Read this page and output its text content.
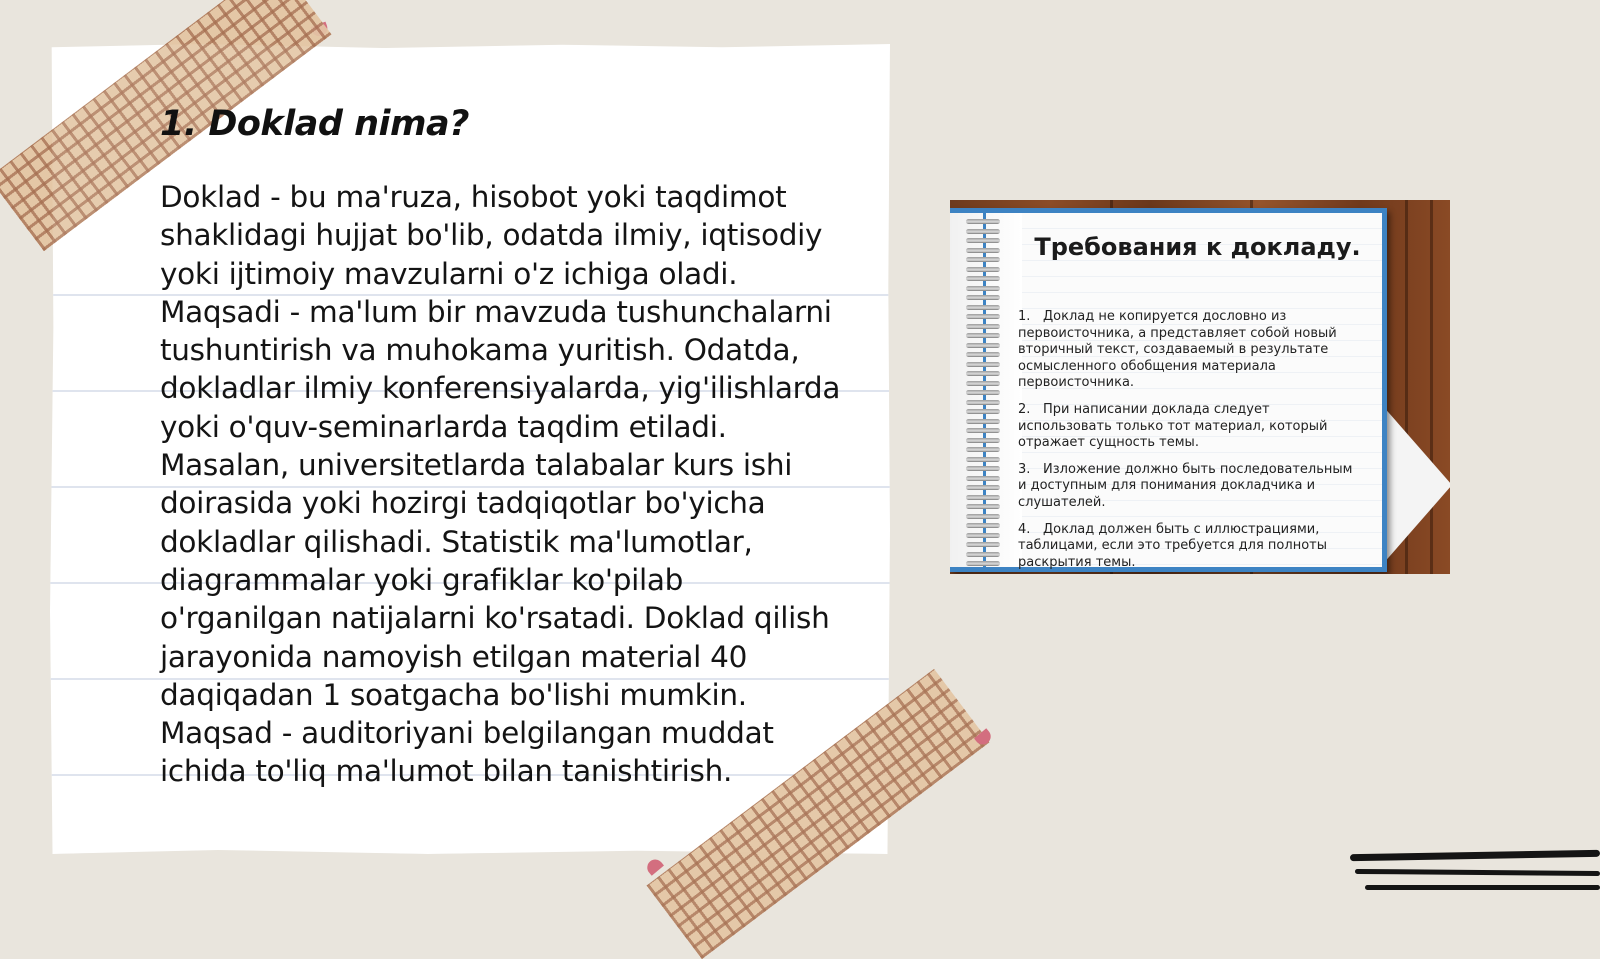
1. Doklad nima?

Doklad - bu ma'ruza, hisobot yoki taqdimot shaklidagi hujjat bo'lib, odatda ilmiy, iqtisodiy yoki ijtimoiy mavzularni o'z ichiga oladi. Maqsadi - ma'lum bir mavzuda tushunchalarni tushuntirish va muhokama yuritish. Odatda, dokladlar ilmiy konferensiyalarda, yig'ilishlarda yoki o'quv-seminarlarda taqdim etiladi. Masalan, universitetlarda talabalar kurs ishi doirasida yoki hozirgi tadqiqotlar bo'yicha dokladlar qilishadi. Statistik ma'lumotlar, diagrammalar yoki grafiklar ko'pilab o'rganilgan natijalarni ko'rsatadi. Doklad qilish jarayonida namoyish etilgan material 40 daqiqadan 1 soatgacha bo'lishi mumkin. Maqsad - auditoriyani belgilangan muddat ichida to'liq ma'lumot bilan tanishtirish.

Требования к докладу.
1. Доклад не копируется дословно из первоисточника, а представляет собой новый вторичный текст, создаваемый в результате осмысленного обобщения материала первоисточника.
2. При написании доклада следует использовать только тот материал, который отражает сущность темы.
3. Изложение должно быть последовательным и доступным для понимания докладчика и слушателей.
4. Доклад должен быть с иллюстрациями, таблицами, если это требуется для полноты раскрытия темы.
